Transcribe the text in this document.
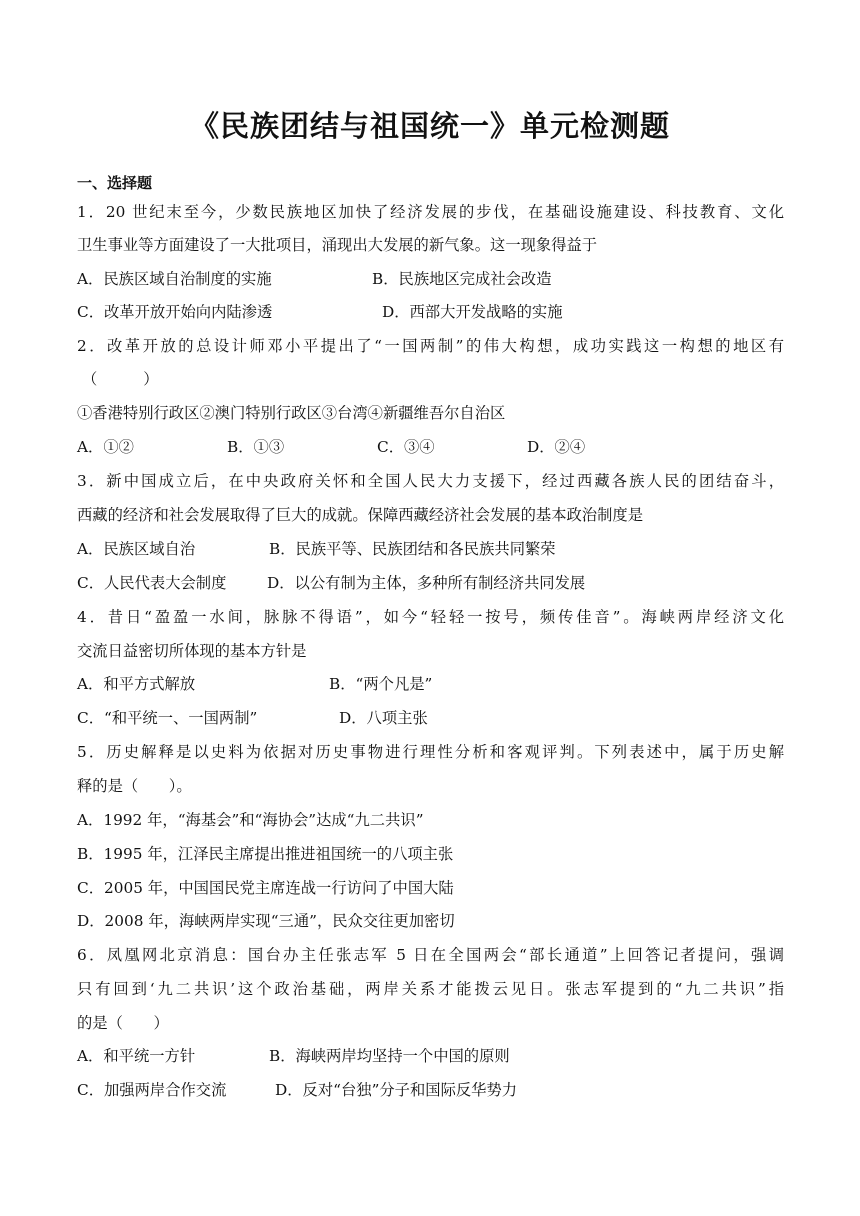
《民族团结与祖国统一》单元检测题
一、选择题
1．20 世纪末至今，少数民族地区加快了经济发展的步伐，在基础设施建设、科技教育、文化
卫生事业等方面建设了一大批项目，涌现出大发展的新气象。这一现象得益于
A．民族区域自治制度的实施	B．民族地区完成社会改造
C．改革开放开始向内陆渗透	D．西部大开发战略的实施
2．改革开放的总设计师邓小平提出了“一国两制”的伟大构想，成功实践这一构想的地区有
（　　　）
①香港特别行政区②澳门特别行政区③台湾④新疆维吾尔自治区
A．①②	B．①③	C．③④	D．②④
3．新中国成立后，在中央政府关怀和全国人民大力支援下，经过西藏各族人民的团结奋斗，
西藏的经济和社会发展取得了巨大的成就。保障西藏经济社会发展的基本政治制度是
A．民族区域自治	B．民族平等、民族团结和各民族共同繁荣
C．人民代表大会制度	D．以公有制为主体，多种所有制经济共同发展
4．昔日“盈盈一水间，脉脉不得语”，如今“轻轻一按号，频传佳音”。海峡两岸经济文化
交流日益密切所体现的基本方针是
A．和平方式解放	B．“两个凡是”
C．“和平统一、一国两制”	D．八项主张
5．历史解释是以史料为依据对历史事物进行理性分析和客观评判。下列表述中，属于历史解
释的是（　　）。
A．1992 年，“海基会”和“海协会”达成“九二共识”
B．1995 年，江泽民主席提出推进祖国统一的八项主张
C．2005 年，中国国民党主席连战一行访问了中国大陆
D．2008 年，海峡两岸实现“三通”，民众交往更加密切
6．凤凰网北京消息：国台办主任张志军 5 日在全国两会“部长通道”上回答记者提问，强调
只有回到‘九二共识’这个政治基础，两岸关系才能拨云见日。张志军提到的“九二共识”指
的是（　　）
A．和平统一方针	B．海峡两岸均坚持一个中国的原则
C．加强两岸合作交流	D．反对“台独”分子和国际反华势力
